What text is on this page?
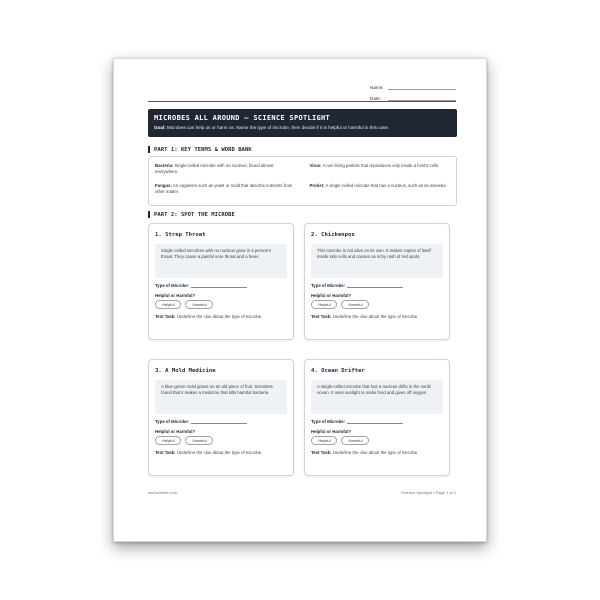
Name:
Date:
MICROBES ALL AROUND — SCIENCE SPOTLIGHT
Goal: Microbes can help us or harm us. Name the type of microbe, then decide if it is helpful or harmful in this case.
PART 1: KEY TERMS & WORD BANK
Bacteria: Single-celled microbe with no nucleus; found almost everywhere.
Virus: A non-living particle that reproduces only inside a host's cells.
Fungus: An organism such as yeast or mold that absorbs nutrients from other matter.
Protist: A single-celled microbe that has a nucleus, such as an amoeba.
PART 2: SPOT THE MICROBE
1. Strep Throat
Single-celled microbes with no nucleus grow in a person's throat. They cause a painful sore throat and a fever.
Type of Microbe:
Helpful or Harmful?
Helpful	Harmful
Text Task: Underline the clue about the type of microbe.
2. Chickenpox
This microbe is not alive on its own. It makes copies of itself inside skin cells and causes an itchy rash of red spots.
Type of Microbe:
Helpful or Harmful?
Helpful	Harmful
Text Task: Underline the clue about the type of microbe.
3. A Mold Medicine
A blue-green mold grows on an old piece of fruit. Scientists found that it makes a medicine that kills harmful bacteria.
Type of Microbe:
Helpful or Harmful?
Helpful	Harmful
Text Task: Underline the clue about the type of microbe.
4. Ocean Drifter
A single-celled microbe that has a nucleus drifts in the sunlit ocean. It uses sunlight to make food and gives off oxygen.
Type of Microbe:
Helpful or Harmful?
Helpful	Harmful
Text Task: Underline the clue about the type of microbe.
worksheets.com	Science Spotlight • Page 1 of 2
